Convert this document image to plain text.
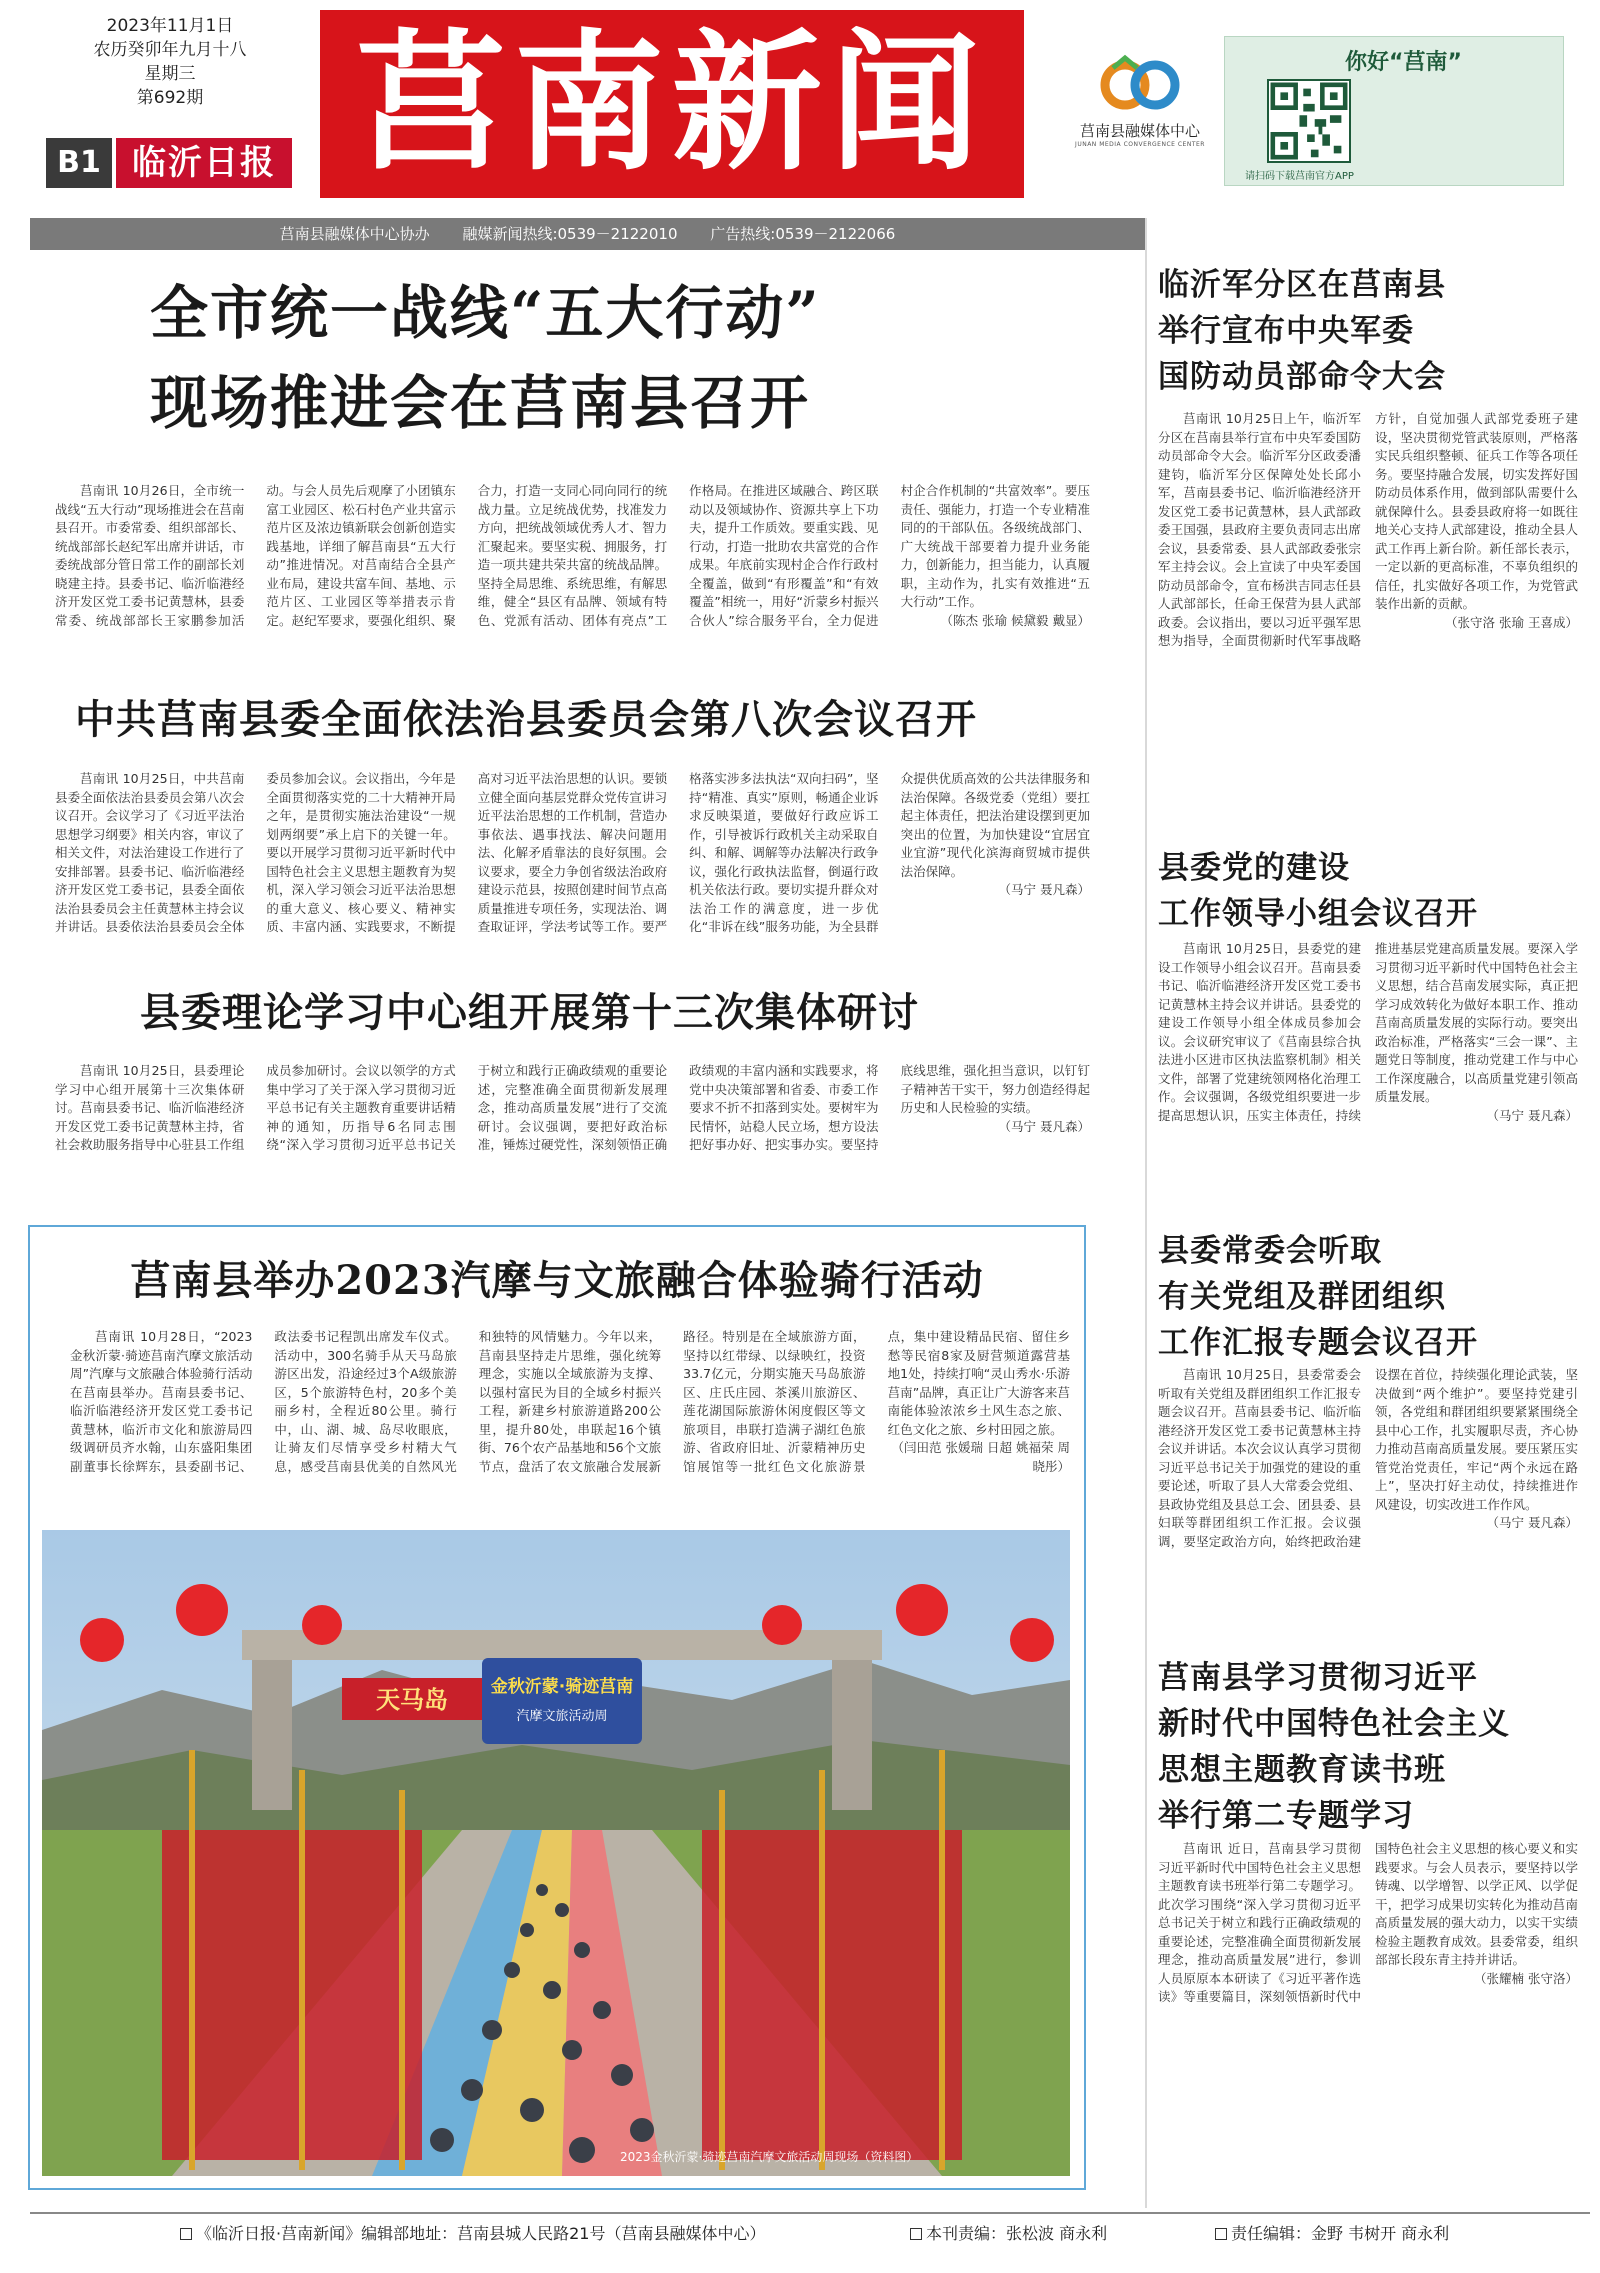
2023年11月1日
农历癸卯年九月十八
星期三
第692期
B1 临沂日报 莒南新闻	莒南县融媒体中心
JUNAN MEDIA CONVERGENCE CENTER
你好“莒南”
请扫码下载莒南官方APP
莒南县融媒体中心协办 融媒新闻热线:0539－2122010 广告热线:0539－2122066
全市统一战线“五大行动”
现场推进会在莒南县召开

莒南讯 10月26日，全市统一战线“五大行动”现场推进会在莒南县召开。市委常委、组织部部长、统战部部长赵纪军出席并讲话，市委统战部分管日常工作的副部长刘晓建主持。县委书记、临沂临港经济开发区党工委书记黄慧林，县委常委、统战部部长王家鹏参加活动。与会人员先后观摩了小团镇东富工业园区、松石村色产业共富示范片区及浓边镇新联会创新创造实践基地，详细了解莒南县“五大行动”推进情况。对莒南结合全县产业布局，建设共富车间、基地、示范片区、工业园区等举措表示肯定。赵纪军要求，要强化组织、聚合力，打造一支同心同向同行的统战力量。立足统战优势，找准发力方向，把统战领域优秀人才、智力汇聚起来。要坚实税、拥服务，打造一项共建共荣共富的统战品牌。坚持全局思维、系统思维，有解思维，健全“县区有品牌、领域有特色、党派有活动、团体有亮点”工作格局。在推进区域融合、跨区联动以及领域协作、资源共享上下功夫，提升工作质效。要重实践、见行动，打造一批助农共富党的合作成果。年底前实现村企合作行政村全覆盖，做到“有形覆盖”和“有效覆盖”相统一，用好“沂蒙乡村振兴合伙人”综合服务平台，全力促进村企合作机制的“共富效率”。要压责任、强能力，打造一个专业精准同的的干部队伍。各级统战部门、广大统战干部要着力提升业务能力，创新能力，担当能力，认真履职，主动作为，扎实有效推进“五大行动”工作。

（陈杰 张瑜 候黛毅 戴显）

中共莒南县委全面依法治县委员会第八次会议召开

莒南讯 10月25日，中共莒南县委全面依法治县委员会第八次会议召开。会议学习了《习近平法治思想学习纲要》相关内容，审议了相关文件，对法治建设工作进行了安排部署。县委书记、临沂临港经济开发区党工委书记，县委全面依法治县委员会主任黄慧林主持会议并讲话。县委依法治县委员会全体委员参加会议。会议指出，今年是全面贯彻落实党的二十大精神开局之年，是贯彻实施法治建设“一规划两纲要”承上启下的关键一年。要以开展学习贯彻习近平新时代中国特色社会主义思想主题教育为契机，深入学习领会习近平法治思想的重大意义、核心要义、精神实质、丰富内涵、实践要求，不断提高对习近平法治思想的认识。要锁立健全面向基层党群众党传宣讲习近平法治思想的工作机制，营造办事依法、遇事找法、解决问题用法、化解矛盾靠法的良好氛围。会议要求，要全力争创省级法治政府建设示范县，按照创建时间节点高质量推进专项任务，实现法治、调查取证评，学法考试等工作。要严格落实涉多法执法“双向扫码”，坚持“精准、真实”原则，畅通企业诉求反映渠道，要做好行政应诉工作，引导被诉行政机关主动采取自纠、和解、调解等办法解决行政争议，强化行政执法监督，倒逼行政机关依法行政。要切实提升群众对法治工作的满意度，进一步优化“非诉在线”服务功能，为全县群众提供优质高效的公共法律服务和法治保障。各级党委（党组）要扛起主体责任，把法治建设摆到更加突出的位置，为加快建设“宜居宜业宜游”现代化滨海商贸城市提供法治保障。

（马宁 聂凡森）

县委理论学习中心组开展第十三次集体研讨

莒南讯 10月25日，县委理论学习中心组开展第十三次集体研讨。莒南县委书记、临沂临港经济开发区党工委书记黄慧林主持，省社会救助服务指导中心驻县工作组成员参加研讨。会议以领学的方式集中学习了关于深入学习贯彻习近平总书记有关主题教育重要讲话精神的通知，历指导6名同志围绕“深入学习贯彻习近平总书记关于树立和践行正确政绩观的重要论述，完整准确全面贯彻新发展理念，推动高质量发展”进行了交流研讨。会议强调，要把好政治标准，锤炼过硬党性，深刻领悟正确政绩观的丰富内涵和实践要求，将党中央决策部署和省委、市委工作要求不折不扣落到实处。要树牢为民情怀，站稳人民立场，想方设法把好事办好、把实事办实。要坚持底线思维，强化担当意识，以钉钉子精神苦干实干，努力创造经得起历史和人民检验的实绩。

（马宁 聂凡森）

莒南县举办2023汽摩与文旅融合体验骑行活动

莒南讯 10月28日，“2023金秋沂蒙·骑迹莒南汽摩文旅活动周”汽摩与文旅融合体验骑行活动在莒南县举办。莒南县委书记、临沂临港经济开发区党工委书记黄慧林，临沂市文化和旅游局四级调研员齐水翰，山东盛阳集团副董事长徐辉东，县委副书记、政法委书记程凯出席发车仪式。活动中，300名骑手从天马岛旅游区出发，沿途经过3个A级旅游区，5个旅游特色村，20多个美丽乡村，全程近80公里。骑行中，山、湖、城、岛尽收眼底，让骑友们尽情享受乡村精大气息，感受莒南县优美的自然风光和独特的风情魅力。今年以来，莒南县坚持走片思维，强化统筹理念，实施以全域旅游为支撑、以强村富民为目的全域乡村振兴工程，新建乡村旅游道路200公里，提升80处，串联起16个镇街、76个农产品基地和56个文旅节点，盘活了农文旅融合发展新路径。特别是在全域旅游方面，坚持以红带绿、以绿映红，投资33.7亿元，分期实施天马岛旅游区、庄氏庄园、茶溪川旅游区、莲花湖国际旅游休闲度假区等文旅项目，串联打造满子湖红色旅游、省政府旧址、沂蒙精神历史馆展馆等一批红色文化旅游景点，集中建设精品民宿、留住乡愁等民宿8家及厨营频道露营基地1处，持续打响“灵山秀水·乐游莒南”品牌，真正让广大游客来莒南能体验浓浓乡土风生态之旅、红色文化之旅、乡村田园之旅。

（闫田范 张媛瑞 日超 姚福荣 周晓彤）

天马岛	金秋沂蒙·骑迹莒南
汽摩文旅活动周
2023金秋沂蒙·骑迹莒南汽摩文旅活动周现场（资料图）
临沂军分区在莒南县
举行宣布中央军委
国防动员部命令大会

莒南讯 10月25日上午，临沂军分区在莒南县举行宣布中央军委国防动员部命令大会。临沂军分区政委潘建钧，临沂军分区保障处处长邱小军，莒南县委书记、临沂临港经济开发区党工委书记黄慧林，县人武部政委王国强，县政府主要负责同志出席会议，县委常委、县人武部政委张宗军主持会议。会上宣读了中央军委国防动员部命令，宣布杨洪吉同志任县人武部部长，任命王保营为县人武部政委。会议指出，要以习近平强军思想为指导，全面贯彻新时代军事战略方针，自觉加强人武部党委班子建设，坚决贯彻党管武装原则，严格落实民兵组织整顿、征兵工作等各项任务。要坚持融合发展，切实发挥好国防动员体系作用，做到部队需要什么就保障什么。县委县政府将一如既往地关心支持人武部建设，推动全县人武工作再上新台阶。新任部长表示，一定以新的更高标准，不辜负组织的信任，扎实做好各项工作，为党管武装作出新的贡献。

（张守洛 张瑜 王喜成）

县委党的建设
工作领导小组会议召开

莒南讯 10月25日，县委党的建设工作领导小组会议召开。莒南县委书记、临沂临港经济开发区党工委书记黄慧林主持会议并讲话。县委党的建设工作领导小组全体成员参加会议。会议研究审议了《莒南县综合执法进小区进市区执法监察机制》相关文件，部署了党建统领网格化治理工作。会议强调，各级党组织要进一步提高思想认识，压实主体责任，持续推进基层党建高质量发展。要深入学习贯彻习近平新时代中国特色社会主义思想，结合莒南发展实际，真正把学习成效转化为做好本职工作、推动莒南高质量发展的实际行动。要突出政治标准，严格落实“三会一课”、主题党日等制度，推动党建工作与中心工作深度融合，以高质量党建引领高质量发展。

（马宁 聂凡森）

县委常委会听取
有关党组及群团组织
工作汇报专题会议召开

莒南讯 10月25日，县委常委会听取有关党组及群团组织工作汇报专题会议召开。莒南县委书记、临沂临港经济开发区党工委书记黄慧林主持会议并讲话。本次会议认真学习贯彻习近平总书记关于加强党的建设的重要论述，听取了县人大常委会党组、县政协党组及县总工会、团县委、县妇联等群团组织工作汇报。会议强调，要坚定政治方向，始终把政治建设摆在首位，持续强化理论武装，坚决做到“两个维护”。要坚持党建引领，各党组和群团组织要紧紧围绕全县中心工作，扎实履职尽责，齐心协力推动莒南高质量发展。要压紧压实管党治党责任，牢记“两个永远在路上”，坚决打好主动仗，持续推进作风建设，切实改进工作作风。

（马宁 聂凡森）

莒南县学习贯彻习近平
新时代中国特色社会主义
思想主题教育读书班
举行第二专题学习

莒南讯 近日，莒南县学习贯彻习近平新时代中国特色社会主义思想主题教育读书班举行第二专题学习。此次学习围绕“深入学习贯彻习近平总书记关于树立和践行正确政绩观的重要论述，完整准确全面贯彻新发展理念，推动高质量发展”进行，参训人员原原本本研读了《习近平著作选读》等重要篇目，深刻领悟新时代中国特色社会主义思想的核心要义和实践要求。与会人员表示，要坚持以学铸魂、以学增智、以学正风、以学促干，把学习成果切实转化为推动莒南高质量发展的强大动力，以实干实绩检验主题教育成效。县委常委，组织部部长段东青主持并讲话。

（张耀楠 张守洛）

《临沂日报·莒南新闻》编辑部地址：莒南县城人民路21号（莒南县融媒体中心）	本刊责编：张松波 商永利	责任编辑：金野 韦树开 商永利
